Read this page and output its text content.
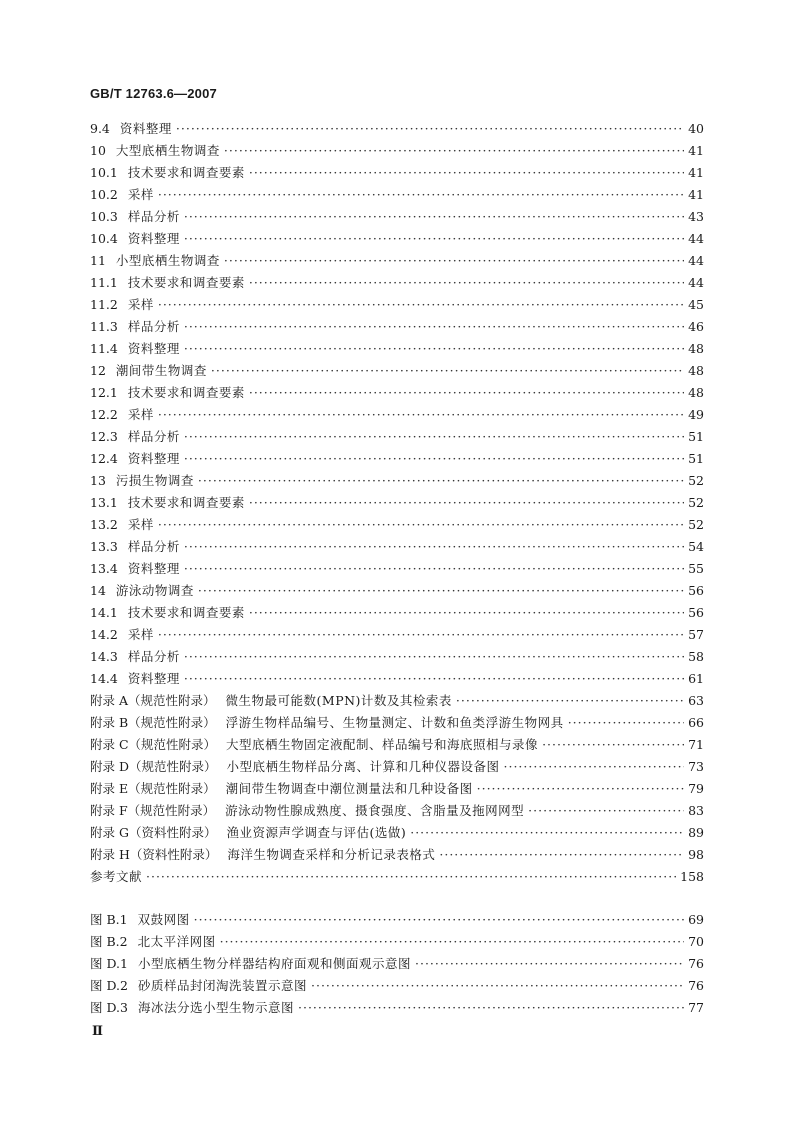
GB/T 12763.6—2007
9.4 资料整理 ·····	40
10 大型底栖生物调查 ·····	41
10.1 技术要求和调查要素 ·····	41
10.2 采样 ·····	41
10.3 样品分析 ·····	43
10.4 资料整理 ·····	44
11 小型底栖生物调查 ·····	44
11.1 技术要求和调查要素 ·····	44
11.2 采样 ·····	45
11.3 样品分析 ·····	46
11.4 资料整理 ·····	48
12 潮间带生物调查 ·····	48
12.1 技术要求和调查要素 ·····	48
12.2 采样 ·····	49
12.3 样品分析 ·····	51
12.4 资料整理 ·····	51
13 污损生物调查 ·····	52
13.1 技术要求和调查要素 ·····	52
13.2 采样 ·····	52
13.3 样品分析 ·····	54
13.4 资料整理 ·····	55
14 游泳动物调查 ·····	56
14.1 技术要求和调查要素 ·····	56
14.2 采样 ·····	57
14.3 样品分析 ·····	58
14.4 资料整理 ·····	61
附录 A（规范性附录） 微生物最可能数(MPN)计数及其检索表 ·····	63
附录 B（规范性附录） 浮游生物样品编号、生物量测定、计数和鱼类浮游生物网具 ·····	66
附录 C（规范性附录） 大型底栖生物固定液配制、样品编号和海底照相与录像 ·····	71
附录 D（规范性附录） 小型底栖生物样品分离、计算和几种仪器设备图 ·····	73
附录 E（规范性附录） 潮间带生物调查中潮位测量法和几种设备图 ·····	79
附录 F（规范性附录） 游泳动物性腺成熟度、摄食强度、含脂量及拖网网型 ·····	83
附录 G（资料性附录） 渔业资源声学调查与评估(选做) ·····	89
附录 H（资料性附录） 海洋生物调查采样和分析记录表格式 ·····	98
参考文献 ·····	158
图 B.1 双鼓网图 ·····	69
图 B.2 北太平洋网图 ·····	70
图 D.1 小型底栖生物分样器结构府面观和侧面观示意图 ·····	76
图 D.2 砂质样品封闭淘洗装置示意图 ·····	76
图 D.3 海冰法分选小型生物示意图 ·····	77
Ⅱ
